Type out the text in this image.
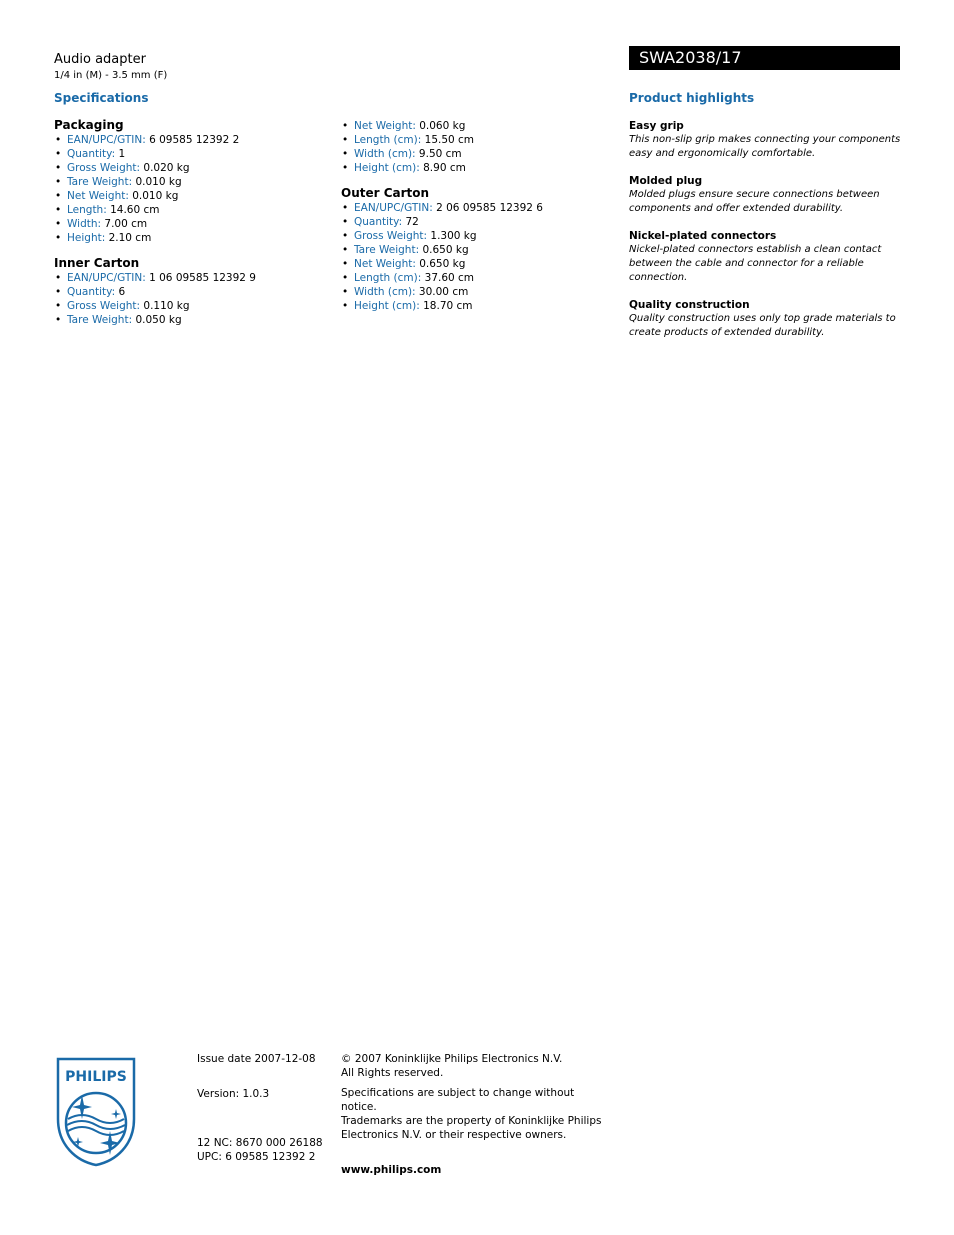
Audio adapter
1/4 in (M) - 3.5 mm (F)
SWA2038/17
Specifications
Packaging
• EAN/UPC/GTIN: 6 09585 12392 2
• Quantity: 1
• Gross Weight: 0.020 kg
• Tare Weight: 0.010 kg
• Net Weight: 0.010 kg
• Length: 14.60 cm
• Width: 7.00 cm
• Height: 2.10 cm
Inner Carton
• EAN/UPC/GTIN: 1 06 09585 12392 9
• Quantity: 6
• Gross Weight: 0.110 kg
• Tare Weight: 0.050 kg
• Net Weight: 0.060 kg
• Length (cm): 15.50 cm
• Width (cm): 9.50 cm
• Height (cm): 8.90 cm
Outer Carton
• EAN/UPC/GTIN: 2 06 09585 12392 6
• Quantity: 72
• Gross Weight: 1.300 kg
• Tare Weight: 0.650 kg
• Net Weight: 0.650 kg
• Length (cm): 37.60 cm
• Width (cm): 30.00 cm
• Height (cm): 18.70 cm
Product highlights
Easy grip
This non-slip grip makes connecting your components easy and ergonomically comfortable.
Molded plug
Molded plugs ensure secure connections between components and offer extended durability.
Nickel-plated connectors
Nickel-plated connectors establish a clean contact between the cable and connector for a reliable connection.
Quality construction
Quality construction uses only top grade materials to create products of extended durability.
PHILIPS
Issue date 2007-12-08
Version: 1.0.3
12 NC: 8670 000 26188
UPC: 6 09585 12392 2
© 2007 Koninklijke Philips Electronics N.V.
All Rights reserved.
Specifications are subject to change without notice.
Trademarks are the property of Koninklijke Philips
Electronics N.V. or their respective owners.
www.philips.com
